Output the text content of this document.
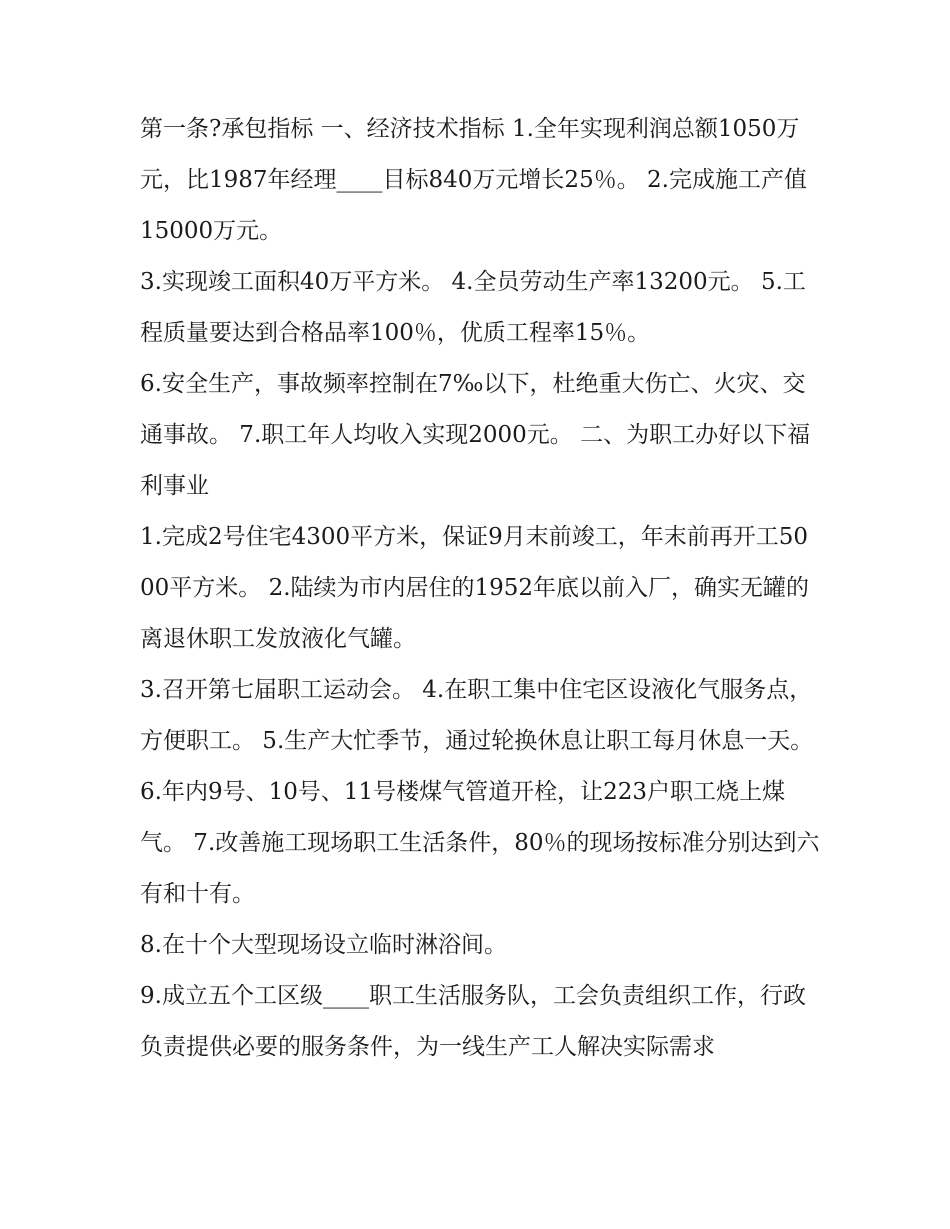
第一条?承包指标 一、经济技术指标 1.全年实现利润总额1050万元，比1987年经理____目标840万元增长25％。 2.完成施工产值15000万元。

3.实现竣工面积40万平方米。 4.全员劳动生产率13200元。 5.工程质量要达到合格品率100％，优质工程率15％。

6.安全生产，事故频率控制在7‰以下，杜绝重大伤亡、火灾、交通事故。 7.职工年人均收入实现2000元。 二、为职工办好以下福利事业

1.完成2号住宅4300平方米，保证9月末前竣工，年末前再开工5000平方米。 2.陆续为市内居住的1952年底以前入厂，确实无罐的离退休职工发放液化气罐。

3.召开第七届职工运动会。 4.在职工集中住宅区设液化气服务点，方便职工。 5.生产大忙季节，通过轮换休息让职工每月休息一天。

6.年内9号、10号、11号楼煤气管道开栓，让223户职工烧上煤气。 7.改善施工现场职工生活条件，80％的现场按标准分别达到六有和十有。

8.在十个大型现场设立临时淋浴间。

9.成立五个工区级____职工生活服务队，工会负责组织工作，行政负责提供必要的服务条件，为一线生产工人解决实际需求
